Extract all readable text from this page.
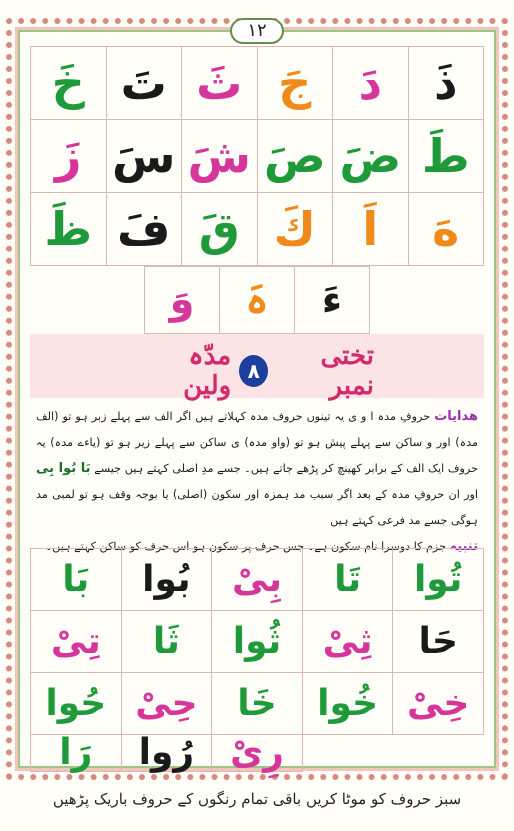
١٢
خَ تَ ثَ جَ	دَ	ذَ
زَ سَ شَ صَ ضَ طَ
ظَ فَ قَ كَ	اَ	هَ
وَ	ہَ	ءَ
تختی نمبر
٨
مدّہ ولین
ھدایات حروفِ مدہ ا و ی یہ تینوں حروف مدہ کہلاتے ہیں اگر الف سے پہلے زبر ہو تو (الف مدہ) اور و ساکن سے پہلے پیش ہو تو (واو مدہ) ی ساکن سے پہلے زیر ہو تو (یاءے مدہ) یہ حروف ایک الف کے برابر کھینچ کر پڑھے جاتے ہیں۔ جسے مدِ اصلی کہتے ہیں جیسے بَا بُوا بِی اور ان حروفِ مدہ کے بعد اگر سبب مد ہمزہ اور سکون (اصلی) یا بوجہ وقف ہو تو لمبی مد ہوگی جسے مد فرعی کہتے ہیں
تنبیہ جزم کا دوسرا نام سکون ہے۔ جس حرف پر سکون ہو اس حرف کو ساکن کہتے ہیں۔
بَا	بُوا	بِیْ	تَا	تُوا
تِیْ	ثَا	ثُوا	ثِیْ	حَا
حُوا حِیْ	خَا	خُوا خِیْ
رَا	رُوا	رِیْ
سبز حروف کو موٹا کریں باقی تمام رنگوں کے حروف باریک پڑھیں
